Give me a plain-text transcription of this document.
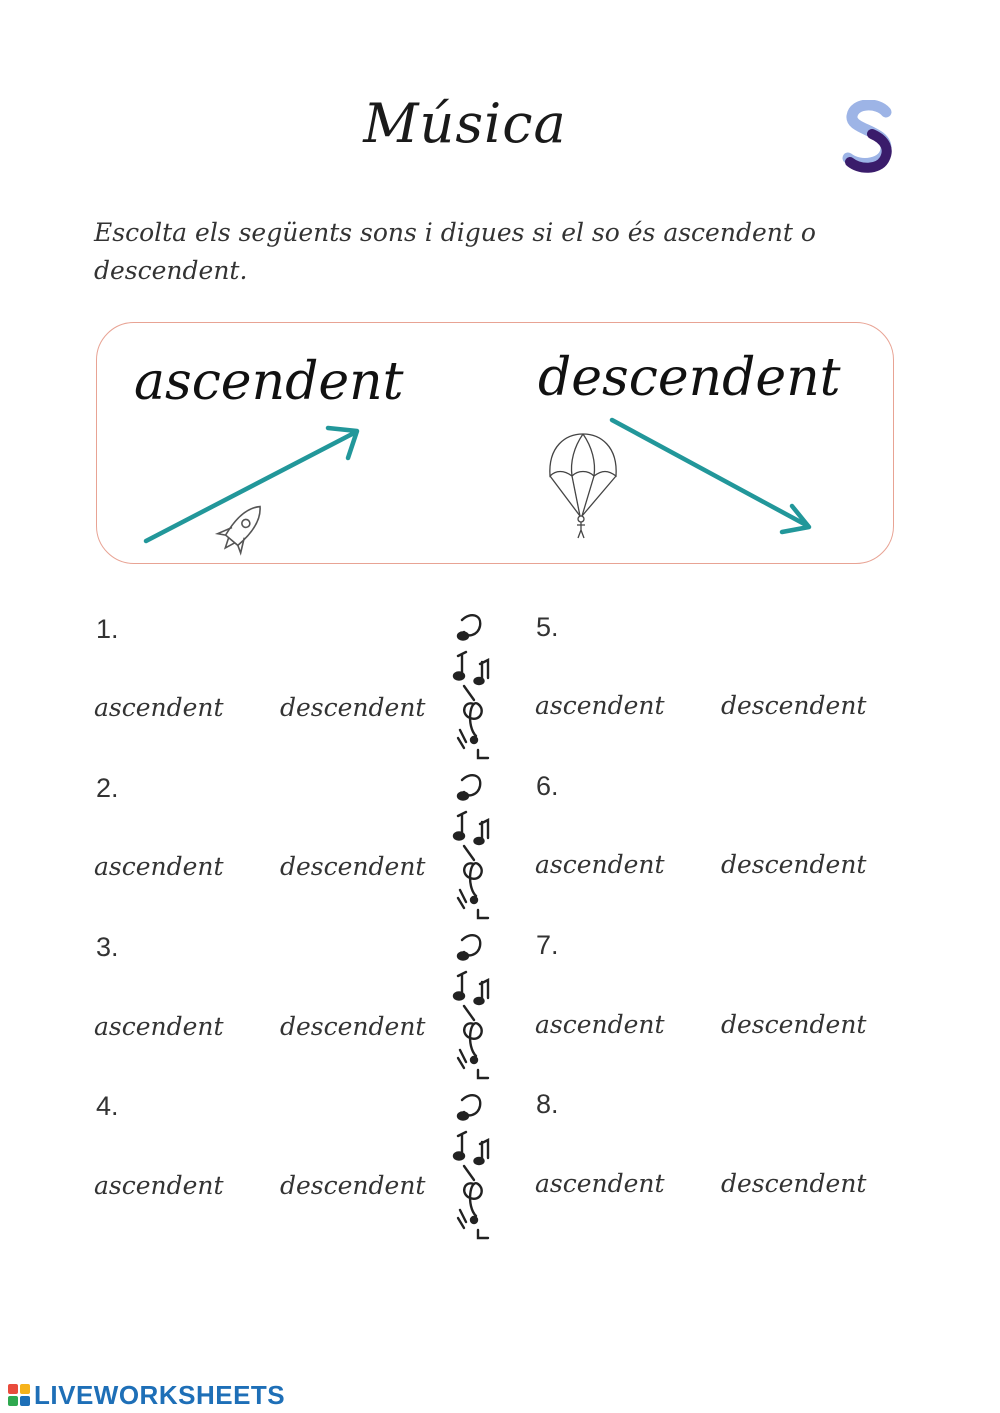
Música
Escolta els següents sons i digues si el so és ascendent o descendent.
ascendent	descendent
1.
ascendent descendent
2.
ascendent descendent
3.
ascendent descendent
4.
ascendent descendent
5.
ascendent descendent
6.
ascendent descendent
7.
ascendent descendent
8.
ascendent descendent
LIVEWORKSHEETS
